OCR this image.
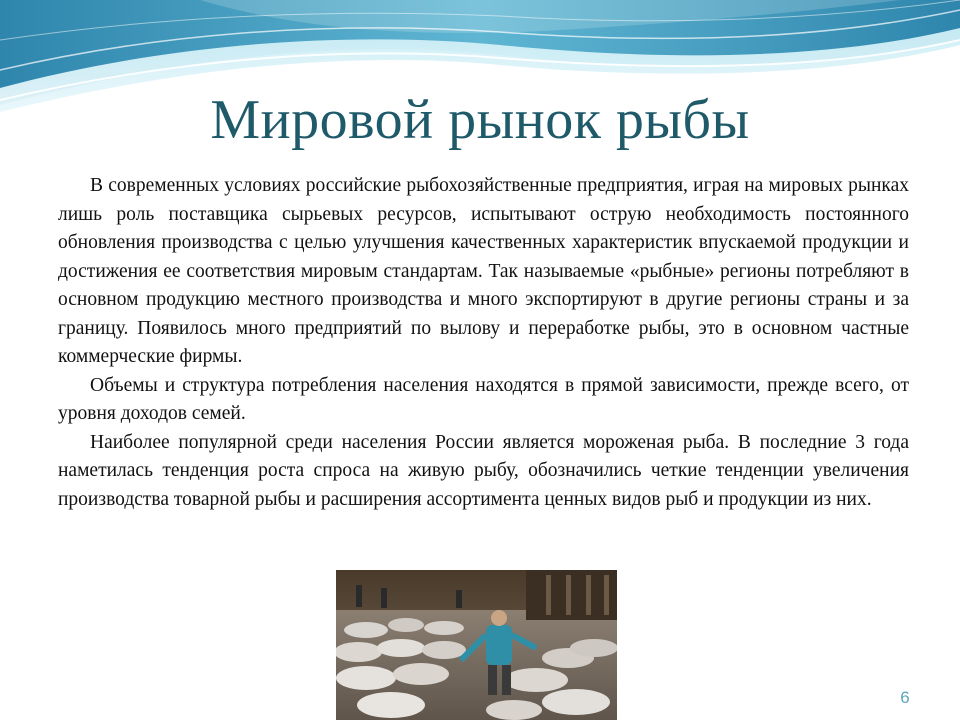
Мировой рынок рыбы

В современных условиях российские рыбохозяйственные предприятия, играя на мировых рынках лишь роль поставщика сырьевых ресурсов, испытывают острую необходимость постоянного обновления производства с целью улучшения качественных характеристик впускаемой продукции и достижения ее соответствия мировым стандартам. Так называемые «рыбные» регионы потребляют в основном продукцию местного производства и много экспортируют в другие регионы страны и за границу. Появилось много предприятий по вылову и переработке рыбы, это в основном частные коммерческие фирмы.

Объемы и структура потребления населения находятся в прямой зависимости, прежде всего, от уровня доходов семей.

Наиболее популярной среди населения России является мороженая рыба. В последние 3 года наметилась тенденция роста спроса на живую рыбу, обозначились четкие тенденции увеличения производства товарной рыбы и расширения ассортимента ценных видов рыб и продукции из них.

6
